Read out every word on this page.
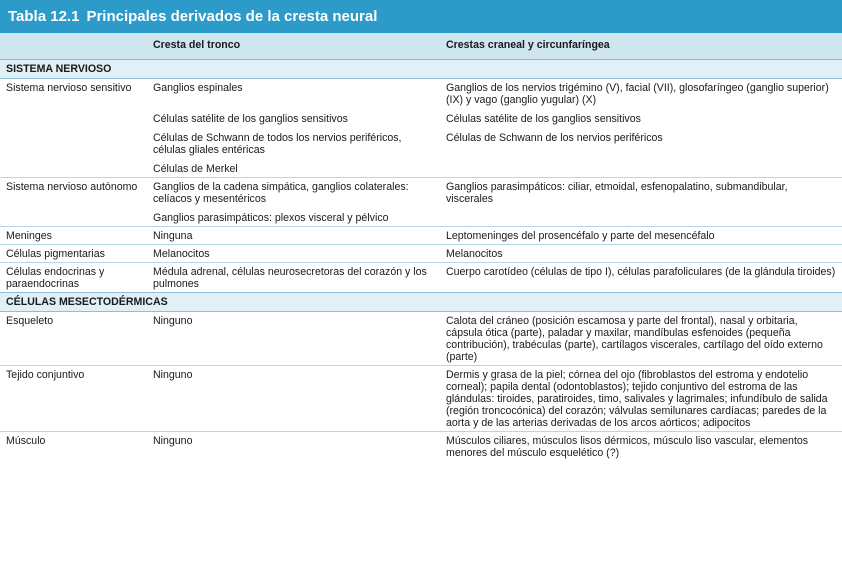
Tabla 12.1 Principales derivados de la cresta neural
	Cresta del tronco	Crestas craneal y circunfaríngea
SISTEMA NERVIOSO		
Sistema nervioso sensitivo	Ganglios espinales	Ganglios de los nervios trigémino (V), facial (VII), glosofaríngeo (ganglio superior) (IX) y vago (ganglio yugular) (X)
	Células satélite de los ganglios sensitivos	Células satélite de los ganglios sensitivos
	Células de Schwann de todos los nervios periféricos, células gliales entéricas	Células de Schwann de los nervios periféricos
	Células de Merkel	
Sistema nervioso autónomo	Ganglios de la cadena simpática, ganglios colaterales: celíacos y mesentéricos	Ganglios parasimpáticos: ciliar, etmoidal, esfenopalatino, submandibular, viscerales
	Ganglios parasimpáticos: plexos visceral y pélvico	
Meninges	Ninguna	Leptomeninges del prosencéfalo y parte del mesencéfalo
Células pigmentarias	Melanocitos	Melanocitos
Células endocrinas y paraendocrinas	Médula adrenal, células neurosecretoras del corazón y los pulmones	Cuerpo carotídeo (células de tipo I), células parafoliculares (de la glándula tiroides)
CÉLULAS MESECTODÉRMICAS		
Esqueleto	Ninguno	Calota del cráneo (posición escamosa y parte del frontal), nasal y orbitaria, cápsula ótica (parte), paladar y maxilar, mandíbulas esfenoides (pequeña contribución), trabéculas (parte), cartílagos viscerales, cartílago del oído externo (parte)
Tejido conjuntivo	Ninguno	Dermis y grasa de la piel; córnea del ojo (fibroblastos del estroma y endotelio corneal); papila dental (odontoblastos); tejido conjuntivo del estroma de las glándulas: tiroides, paratiroides, timo, salivales y lagrimales; infundíbulo de salida (región troncocónica) del corazón; válvulas semilunares cardíacas; paredes de la aorta y de las arterias derivadas de los arcos aórticos; adipocitos
Músculo	Ninguno	Músculos ciliares, músculos lisos dérmicos, músculo liso vascular, elementos menores del músculo esquelético (?)
